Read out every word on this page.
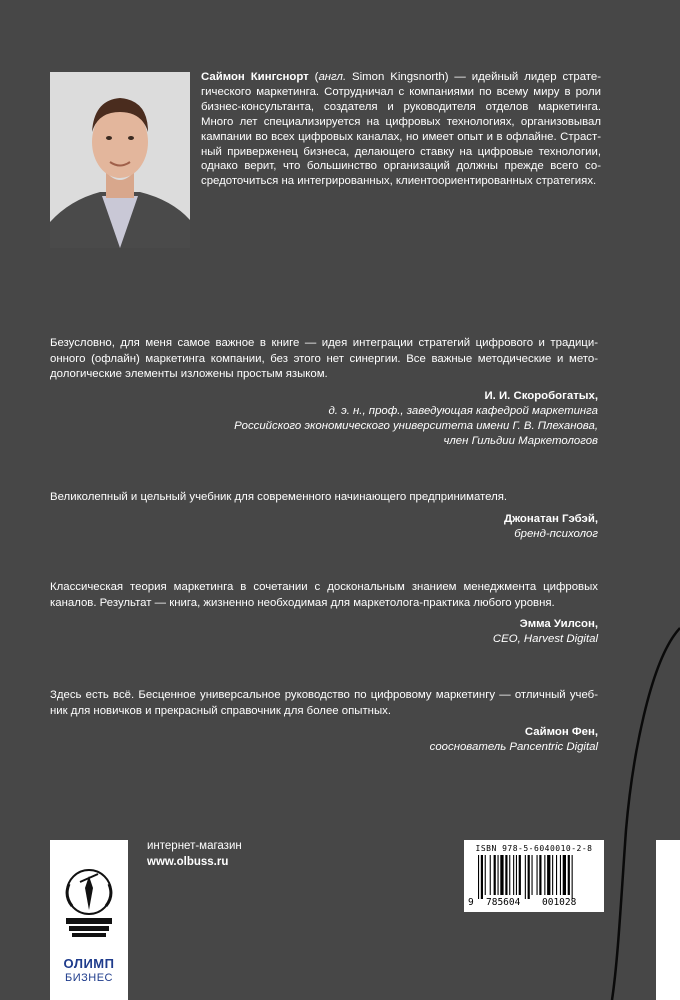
Саймон Кингснорт (англ. Simon Kingsnorth) — идейный лидер страте-гического маркетинга. Сотрудничал с компаниями по всему миру в роли бизнес-консультанта, создателя и руководителя отделов маркетинга. Много лет специализируется на цифровых технологиях, организовывал кампании во всех цифровых каналах, но имеет опыт и в офлайне. Страст-ный приверженец бизнеса, делающего ставку на цифровые технологии, однако верит, что большинство организаций должны прежде всего со-средоточиться на интегрированных, клиентоориентированных стратегиях.

Безусловно, для меня самое важное в книге — идея интеграции стратегий цифрового и традици-онного (офлайн) маркетинга компании, без этого нет синергии. Все важные методические и мето-дологические элементы изложены простым языком.

И. И. Скоробогатых,

д. э. н., проф., заведующая кафедрой маркетинга

Российского экономического университета имени Г. В. Плеханова,

член Гильдии Маркетологов

Великолепный и цельный учебник для современного начинающего предпринимателя.

Джонатан Гэбэй,

бренд-психолог

Классическая теория маркетинга в сочетании с доскональным знанием менеджмента цифровых каналов. Результат — книга, жизненно необходимая для маркетолога-практика любого уровня.

Эмма Уилсон,

CEO, Harvest Digital

Здесь есть всё. Бесценное универсальное руководство по цифровому маркетингу — отличный учеб-ник для новичков и прекрасный справочник для более опытных.

Саймон Фен,

сооснователь Pancentric Digital

ОЛИМП
БИЗНЕС
интернет-магазин
www.olbuss.ru
ISBN 978-5-6040010-2-8
9 785604 001028
